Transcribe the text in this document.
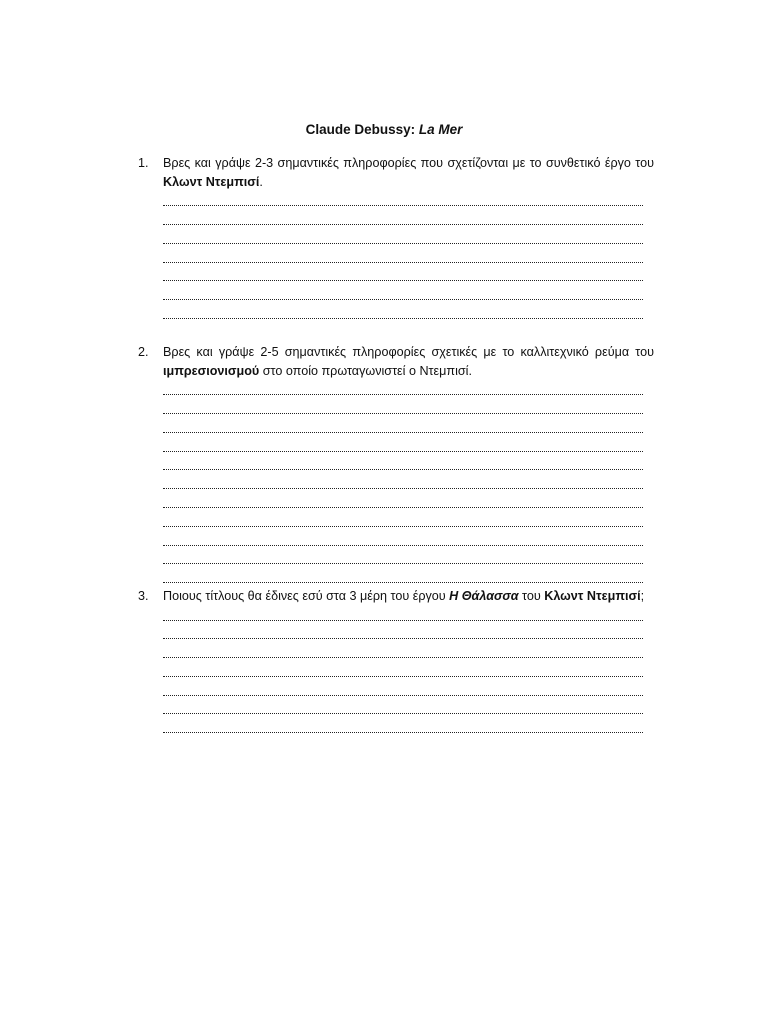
Claude Debussy: La Mer
1. Βρες και γράψε 2-3 σημαντικές πληροφορίες που σχετίζονται με το συνθετικό έργο του Κλωντ Ντεμπισί.
2. Βρες και γράψε 2-5 σημαντικές πληροφορίες σχετικές με το καλλιτεχνικό ρεύμα του ιμπρεσιονισμού στο οποίο πρωταγωνιστεί ο Ντεμπισί.
3. Ποιους τίτλους θα έδινες εσύ στα 3 μέρη του έργου Η Θάλασσα του Κλωντ Ντεμπισί;
